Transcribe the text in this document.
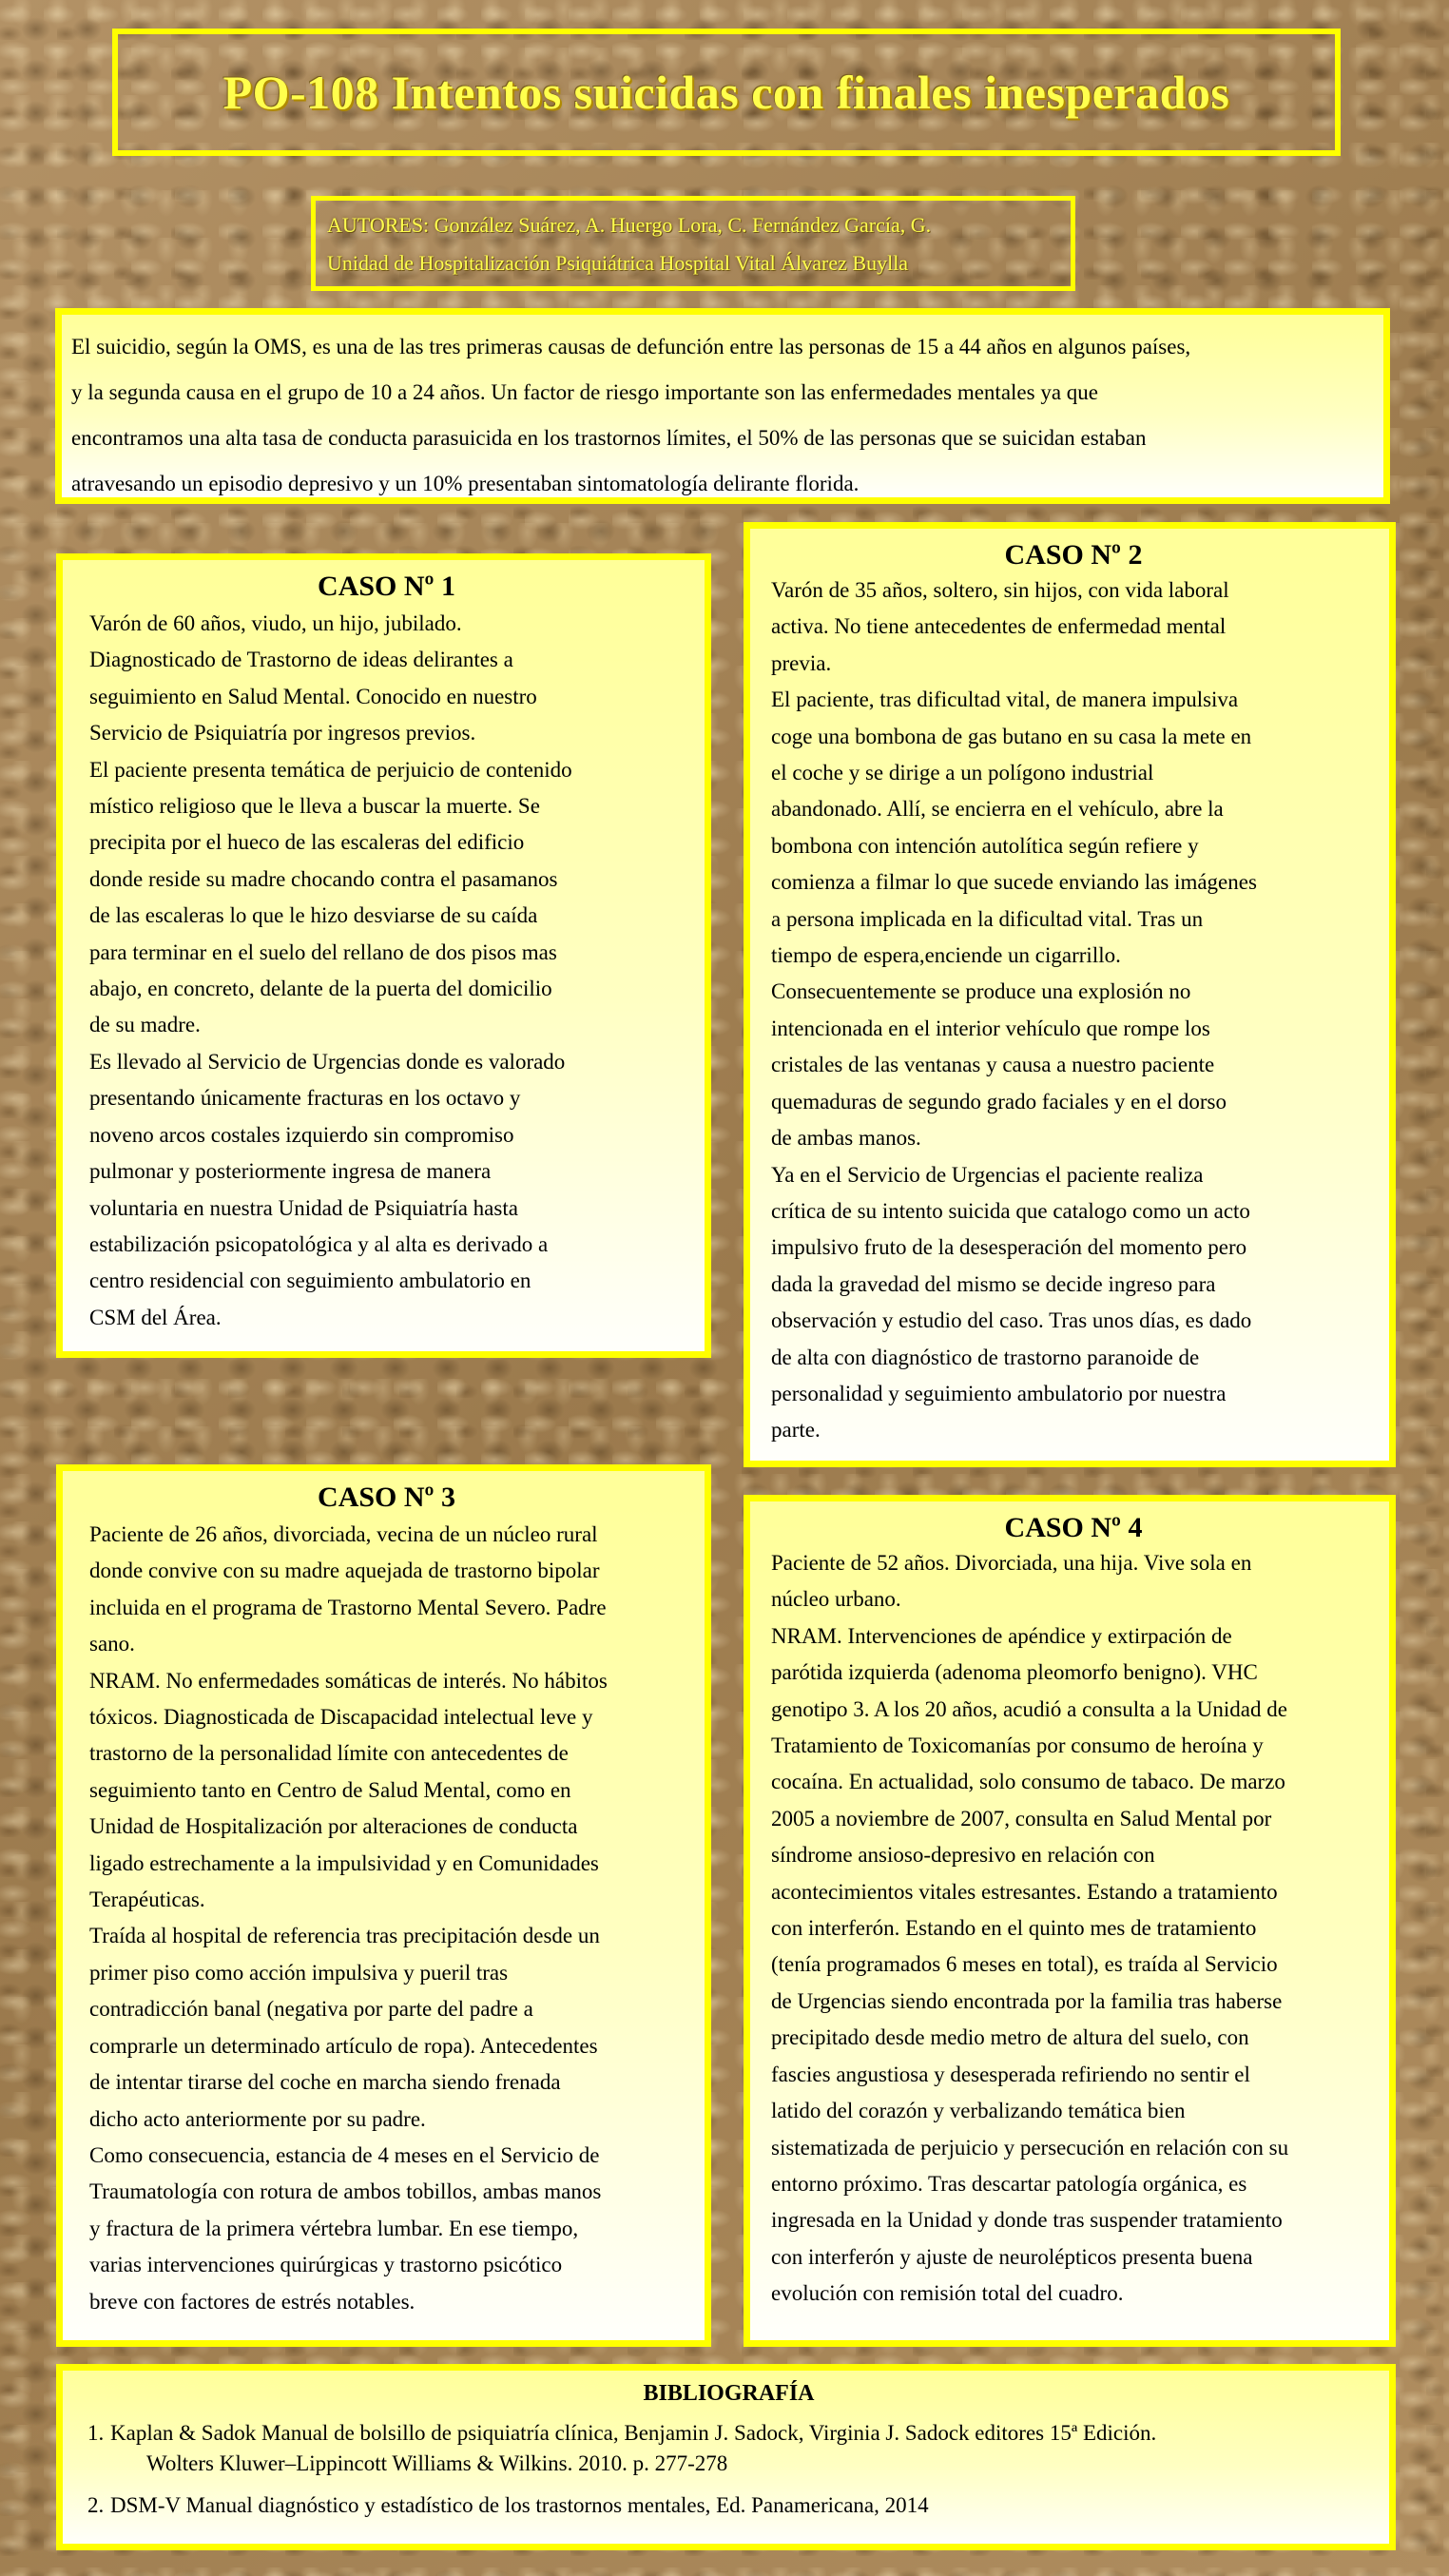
PO-108 Intentos suicidas con finales inesperados
AUTORES: González Suárez, A. Huergo Lora, C. Fernández García, G.
Unidad de Hospitalización Psiquiátrica Hospital Vital Álvarez Buylla

El suicidio, según la OMS, es una de las tres primeras causas de defunción entre las personas de 15 a 44 años en algunos países,

y la segunda causa en el grupo de 10 a 24 años. Un factor de riesgo importante son las enfermedades mentales ya que

encontramos una alta tasa de conducta parasuicida en los trastornos límites, el 50% de las personas que se suicidan estaban

atravesando un episodio depresivo y un 10% presentaban sintomatología delirante florida.

CASO Nº 1

Varón de 60 años, viudo, un hijo, jubilado.

Diagnosticado de Trastorno de ideas delirantes a

seguimiento en Salud Mental. Conocido en nuestro

Servicio de Psiquiatría por ingresos previos.

El paciente presenta temática de perjuicio de contenido

místico religioso que le lleva a buscar la muerte. Se

precipita por el hueco de las escaleras del edificio

donde reside su madre chocando contra el pasamanos

de las escaleras lo que le hizo desviarse de su caída

para terminar en el suelo del rellano de dos pisos mas

abajo, en concreto, delante de la puerta del domicilio

de su madre.

Es llevado al Servicio de Urgencias donde es valorado

presentando únicamente fracturas en los octavo y

noveno arcos costales izquierdo sin compromiso

pulmonar y posteriormente ingresa de manera

voluntaria en nuestra Unidad de Psiquiatría hasta

estabilización psicopatológica y al alta es derivado a

centro residencial con seguimiento ambulatorio en

CSM del Área.

CASO Nº 2

Varón de 35 años, soltero, sin hijos, con vida laboral

activa. No tiene antecedentes de enfermedad mental

previa.

El paciente, tras dificultad vital, de manera impulsiva

coge una bombona de gas butano en su casa la mete en

el coche y se dirige a un polígono industrial

abandonado. Allí, se encierra en el vehículo, abre la

bombona con intención autolítica según refiere y

comienza a filmar lo que sucede enviando las imágenes

a persona implicada en la dificultad vital. Tras un

tiempo de espera,enciende un cigarrillo.

Consecuentemente se produce una explosión no

intencionada en el interior vehículo que rompe los

cristales de las ventanas y causa a nuestro paciente

quemaduras de segundo grado faciales y en el dorso

de ambas manos.

Ya en el Servicio de Urgencias el paciente realiza

crítica de su intento suicida que catalogo como un acto

impulsivo fruto de la desesperación del momento pero

dada la gravedad del mismo se decide ingreso para

observación y estudio del caso. Tras unos días, es dado

de alta con diagnóstico de trastorno paranoide de

personalidad y seguimiento ambulatorio por nuestra

parte.

CASO Nº 3

Paciente de 26 años, divorciada, vecina de un núcleo rural

donde convive con su madre aquejada de trastorno bipolar

incluida en el programa de Trastorno Mental Severo. Padre

sano.

NRAM. No enfermedades somáticas de interés. No hábitos

tóxicos. Diagnosticada de Discapacidad intelectual leve y

trastorno de la personalidad límite con antecedentes de

seguimiento tanto en Centro de Salud Mental, como en

Unidad de Hospitalización por alteraciones de conducta

ligado estrechamente a la impulsividad y en Comunidades

Terapéuticas.

Traída al hospital de referencia tras precipitación desde un

primer piso como acción impulsiva y pueril tras

contradicción banal (negativa por parte del padre a

comprarle un determinado artículo de ropa). Antecedentes

de intentar tirarse del coche en marcha siendo frenada

dicho acto anteriormente por su padre.

Como consecuencia, estancia de 4 meses en el Servicio de

Traumatología con rotura de ambos tobillos, ambas manos

y fractura de la primera vértebra lumbar. En ese tiempo,

varias intervenciones quirúrgicas y trastorno psicótico

breve con factores de estrés notables.

CASO Nº 4

Paciente de 52 años. Divorciada, una hija. Vive sola en

núcleo urbano.

NRAM. Intervenciones de apéndice y extirpación de

parótida izquierda (adenoma pleomorfo benigno). VHC

genotipo 3. A los 20 años, acudió a consulta a la Unidad de

Tratamiento de Toxicomanías por consumo de heroína y

cocaína. En actualidad, solo consumo de tabaco. De marzo

2005 a noviembre de 2007, consulta en Salud Mental por

síndrome ansioso-depresivo en relación con

acontecimientos vitales estresantes. Estando a tratamiento

con interferón. Estando en el quinto mes de tratamiento

(tenía programados 6 meses en total), es traída al Servicio

de Urgencias siendo encontrada por la familia tras haberse

precipitado desde medio metro de altura del suelo, con

fascies angustiosa y desesperada refiriendo no sentir el

latido del corazón y verbalizando temática bien

sistematizada de perjuicio y persecución en relación con su

entorno próximo. Tras descartar patología orgánica, es

ingresada en la Unidad y donde tras suspender tratamiento

con interferón y ajuste de neurolépticos presenta buena

evolución con remisión total del cuadro.

BIBLIOGRAFÍA
1. Kaplan & Sadok Manual de bolsillo de psiquiatría clínica, Benjamin J. Sadock, Virginia J. Sadock editores 15ª Edición.
Wolters Kluwer–Lippincott Williams & Wilkins. 2010. p. 277-278
2. DSM-V Manual diagnóstico y estadístico de los trastornos mentales, Ed. Panamericana, 2014
